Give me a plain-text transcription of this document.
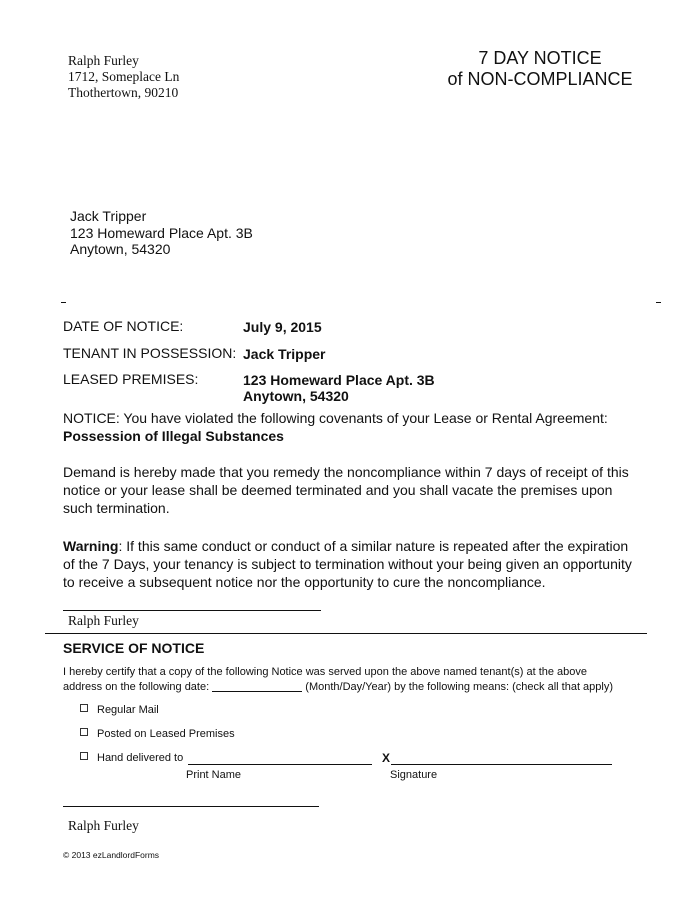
Ralph Furley
1712, Someplace Ln
Thothertown, 90210
7 DAY NOTICE
of NON-COMPLIANCE
Jack Tripper
123 Homeward Place Apt. 3B
Anytown, 54320
DATE OF NOTICE:	July 9, 2015
TENANT IN POSSESSION: Jack Tripper
LEASED PREMISES:	123 Homeward Place Apt. 3B
Anytown, 54320
NOTICE: You have violated the following covenants of your Lease or Rental Agreement:
Possession of Illegal Substances
Demand is hereby made that you remedy the noncompliance within 7 days of receipt of this
notice or your lease shall be deemed terminated and you shall vacate the premises upon
such termination.
Warning: If this same conduct or conduct of a similar nature is repeated after the expiration
of the 7 Days, your tenancy is subject to termination without your being given an opportunity
to receive a subsequent notice nor the opportunity to cure the noncompliance.
Ralph Furley
SERVICE OF NOTICE
I hereby certify that a copy of the following Notice was served upon the above named tenant(s) at the above
address on the following date:	(Month/Day/Year) by the following means: (check all that apply)
Regular Mail
Posted on Leased Premises
Hand delivered to	X
Print Name	Signature
Ralph Furley
© 2013 ezLandlordForms
